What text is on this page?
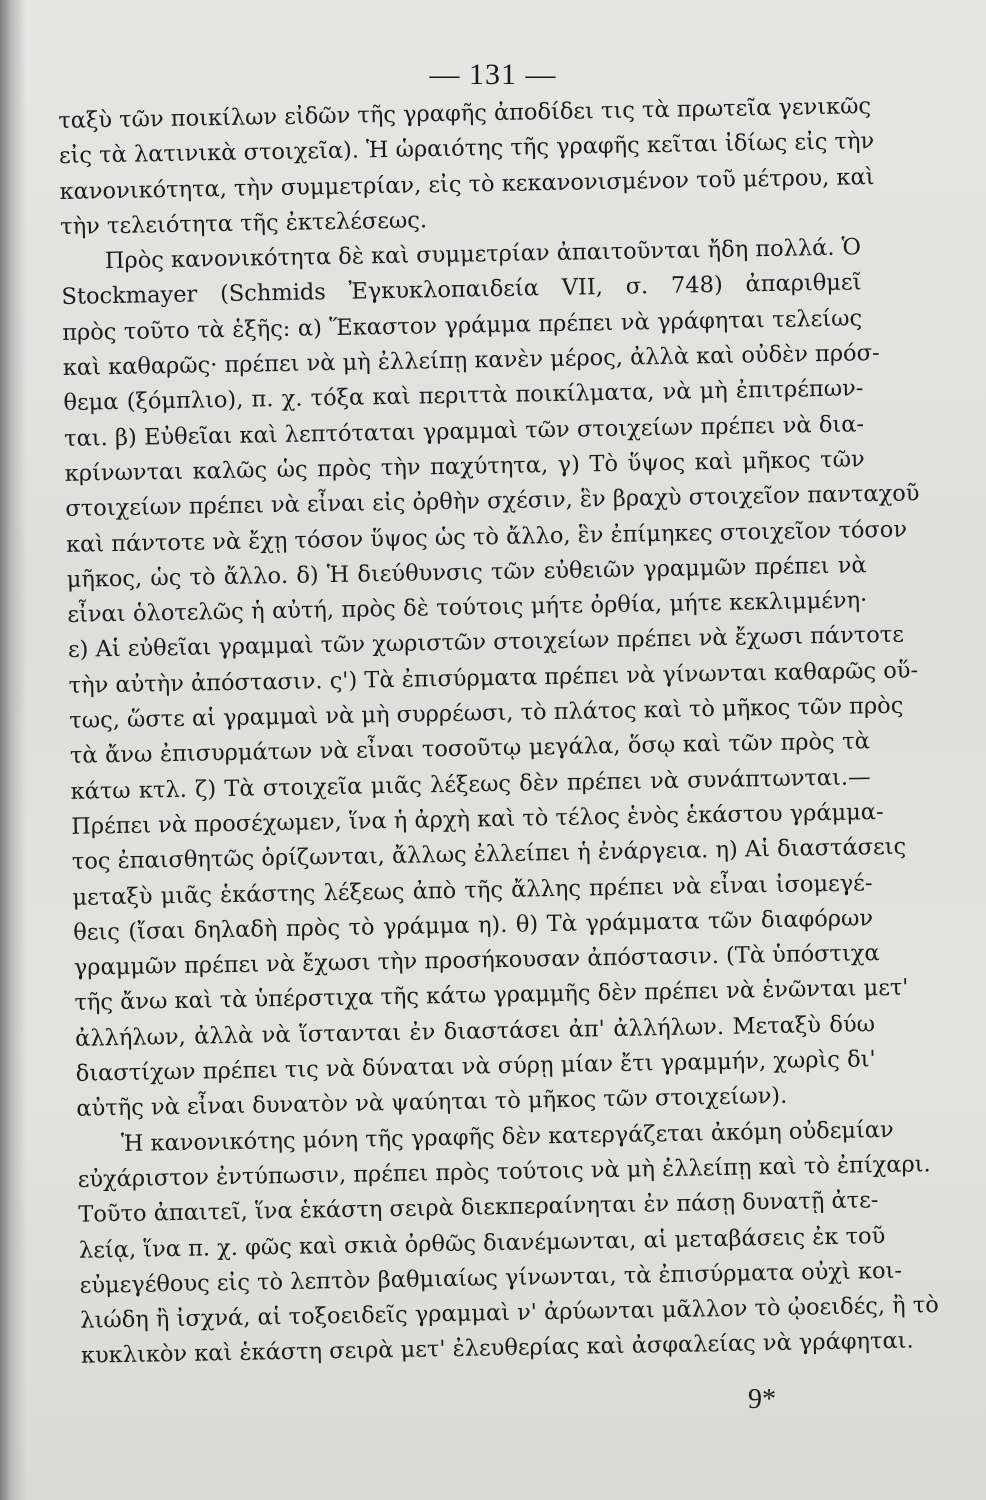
— 131 —
ταξὺ τῶν ποικίλων εἰδῶν τῆς γραφῆς ἀποδίδει τις τὰ πρωτεῖα γενικῶς
εἰς τὰ λατινικὰ στοιχεῖα). Ἡ ὡραιότης τῆς γραφῆς κεῖται ἰδίως εἰς τὴν
κανονικότητα, τὴν συμμετρίαν, εἰς τὸ κεκανονισμένον τοῦ μέτρου, καὶ
τὴν τελειότητα τῆς ἐκτελέσεως.
Πρὸς κανονικότητα δὲ καὶ συμμετρίαν ἀπαιτοῦνται ἤδη πολλά. Ὁ
Stockmayer (Schmids Ἐγκυκλοπαιδεία VII, σ. 748) ἀπαριθμεῖ
πρὸς τοῦτο τὰ ἑξῆς: α) Ἕκαστον γράμμα πρέπει νὰ γράφηται τελείως
καὶ καθαρῶς· πρέπει νὰ μὴ ἐλλείπῃ κανὲν μέρος, ἀλλὰ καὶ οὐδὲν πρόσ-
θεμα (ξόμπλιο), π. χ. τόξα καὶ περιττὰ ποικίλματα, νὰ μὴ ἐπιτρέπων-
ται. β) Εὐθεῖαι καὶ λεπτόταται γραμμαὶ τῶν στοιχείων πρέπει νὰ δια-
κρίνωνται καλῶς ὡς πρὸς τὴν παχύτητα, γ) Τὸ ὕψος καὶ μῆκος τῶν
στοιχείων πρέπει νὰ εἶναι εἰς ὀρθὴν σχέσιν, ἓν βραχὺ στοιχεῖον πανταχοῦ
καὶ πάντοτε νὰ ἔχῃ τόσον ὕψος ὡς τὸ ἄλλο, ἓν ἐπίμηκες στοιχεῖον τόσον
μῆκος, ὡς τὸ ἄλλο. δ) Ἡ διεύθυνσις τῶν εὐθειῶν γραμμῶν πρέπει νὰ
εἶναι ὁλοτελῶς ἡ αὐτή, πρὸς δὲ τούτοις μήτε ὀρθία, μήτε κεκλιμμένη·
ε) Αἱ εὐθεῖαι γραμμαὶ τῶν χωριστῶν στοιχείων πρέπει νὰ ἔχωσι πάντοτε
τὴν αὐτὴν ἀπόστασιν. ς') Τὰ ἐπισύρματα πρέπει νὰ γίνωνται καθαρῶς οὕ-
τως, ὥστε αἱ γραμμαὶ νὰ μὴ συρρέωσι, τὸ πλάτος καὶ τὸ μῆκος τῶν πρὸς
τὰ ἄνω ἐπισυρμάτων νὰ εἶναι τοσοῦτῳ μεγάλα, ὅσῳ καὶ τῶν πρὸς τὰ
κάτω κτλ. ζ) Τὰ στοιχεῖα μιᾶς λέξεως δὲν πρέπει νὰ συνάπτωνται.—
Πρέπει νὰ προσέχωμεν, ἵνα ἡ ἀρχὴ καὶ τὸ τέλος ἑνὸς ἑκάστου γράμμα-
τος ἐπαισθητῶς ὁρίζωνται, ἄλλως ἐλλείπει ἡ ἐνάργεια. η) Αἱ διαστάσεις
μεταξὺ μιᾶς ἑκάστης λέξεως ἀπὸ τῆς ἄλλης πρέπει νὰ εἶναι ἰσομεγέ-
θεις (ἴσαι δηλαδὴ πρὸς τὸ γράμμα η). θ) Τὰ γράμματα τῶν διαφόρων
γραμμῶν πρέπει νὰ ἔχωσι τὴν προσήκουσαν ἀπόστασιν. (Τὰ ὑπόστιχα
τῆς ἄνω καὶ τὰ ὑπέρστιχα τῆς κάτω γραμμῆς δὲν πρέπει νὰ ἑνῶνται μετ'
ἀλλήλων, ἀλλὰ νὰ ἵστανται ἐν διαστάσει ἀπ' ἀλλήλων. Μεταξὺ δύω
διαστίχων πρέπει τις νὰ δύναται νὰ σύρῃ μίαν ἔτι γραμμήν, χωρὶς δι'
αὐτῆς νὰ εἶναι δυνατὸν νὰ ψαύηται τὸ μῆκος τῶν στοιχείων).
Ἡ κανονικότης μόνη τῆς γραφῆς δὲν κατεργάζεται ἀκόμη οὐδεμίαν
εὐχάριστον ἐντύπωσιν, πρέπει πρὸς τούτοις νὰ μὴ ἐλλείπῃ καὶ τὸ ἐπίχαρι.
Τοῦτο ἀπαιτεῖ, ἵνα ἑκάστη σειρὰ διεκπεραίνηται ἐν πάσῃ δυνατῇ ἀτε-
λείᾳ, ἵνα π. χ. φῶς καὶ σκιὰ ὀρθῶς διανέμωνται, αἱ μεταβάσεις ἐκ τοῦ
εὐμεγέθους εἰς τὸ λεπτὸν βαθμιαίως γίνωνται, τὰ ἐπισύρματα οὐχὶ κοι-
λιώδη ἢ ἰσχνά, αἱ τοξοειδεῖς γραμμαὶ ν' ἀρύωνται μᾶλλον τὸ ᾠοειδές, ἢ τὸ
κυκλικὸν καὶ ἑκάστη σειρὰ μετ' ἐλευθερίας καὶ ἀσφαλείας νὰ γράφηται.
9*
